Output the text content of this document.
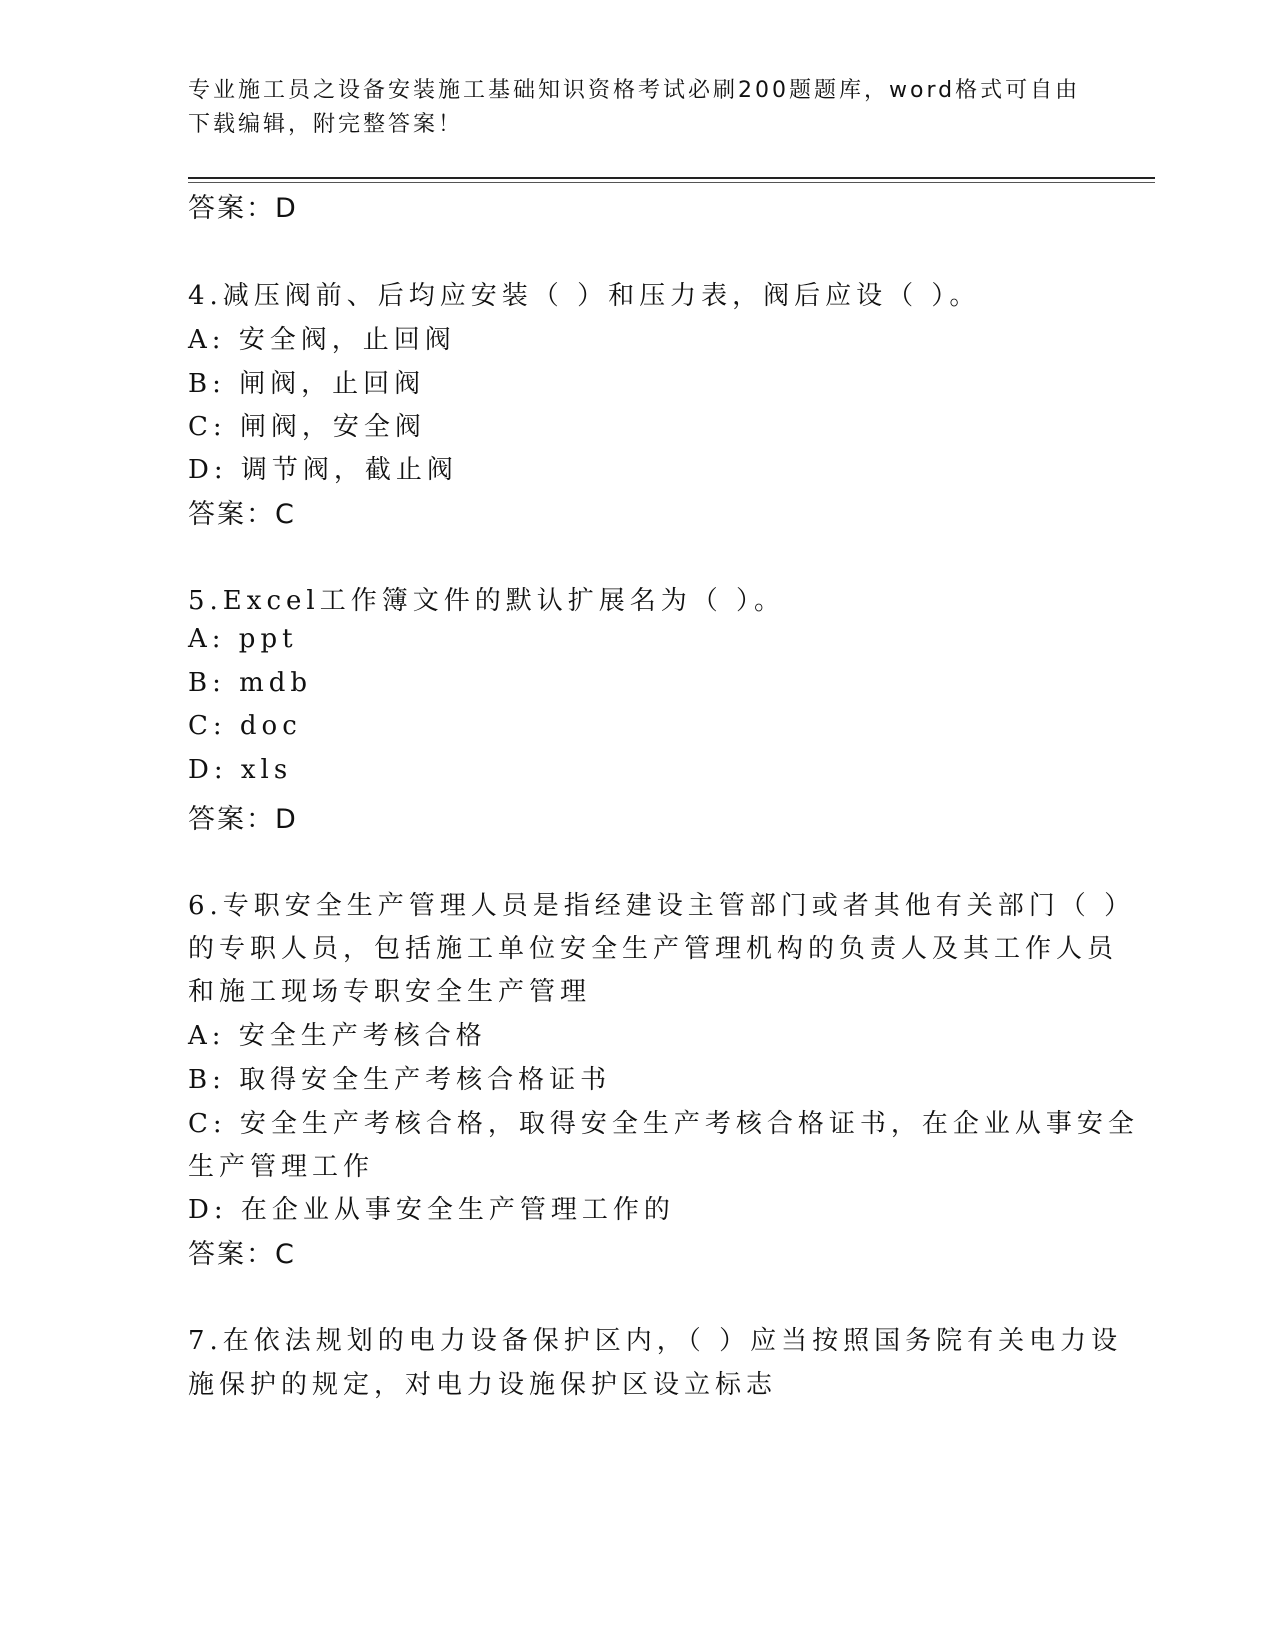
专业施工员之设备安装施工基础知识资格考试必刷200题题库，word格式可自由
下载编辑，附完整答案！
答案：D
4.减压阀前、后均应安装（ ）和压力表，阀后应设（ ）。
A: 安全阀，止回阀
B: 闸阀，止回阀
C: 闸阀，安全阀
D: 调节阀，截止阀
答案：C
5.Excel工作簿文件的默认扩展名为（ ）。
A: ppt
B: mdb
C: doc
D: xls
答案：D
6.专职安全生产管理人员是指经建设主管部门或者其他有关部门（ ）
的专职人员，包括施工单位安全生产管理机构的负责人及其工作人员
和施工现场专职安全生产管理
A: 安全生产考核合格
B: 取得安全生产考核合格证书
C: 安全生产考核合格，取得安全生产考核合格证书，在企业从事安全
生产管理工作
D: 在企业从事安全生产管理工作的
答案：C
7.在依法规划的电力设备保护区内，（ ）应当按照国务院有关电力设
施保护的规定，对电力设施保护区设立标志
